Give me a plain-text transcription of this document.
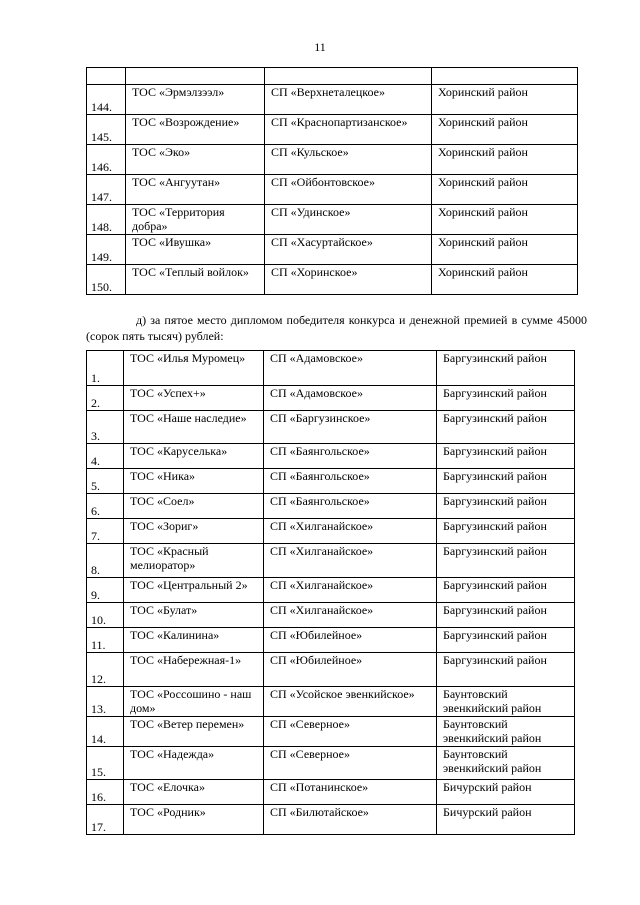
11

144.	ТОС «Эрмэлзээл»	СП «Верхнеталецкое»	Хоринский район
145.	ТОС «Возрождение»	СП «Краснопартизанское»	Хоринский район
146.	ТОС «Эко»	СП «Кульское»	Хоринский район
147.	ТОС «Ангуутан»	СП «Ойбонтовское»	Хоринский район
148.	ТОС «Территория добра»	СП «Удинское»	Хоринский район
149.	ТОС «Ивушка»	СП «Хасуртайское»	Хоринский район
150.	ТОС «Теплый войлок»	СП «Хоринское»	Хоринский район
д) за пятое место дипломом победителя конкурса и денежной премией в сумме 45000 (сорок пять тысяч) рублей:
1.	ТОС «Илья Муромец»	СП «Адамовское»	Баргузинский район
2.	ТОС «Успех+»	СП «Адамовское»	Баргузинский район
3.	ТОС «Наше наследие»	СП «Баргузинское»	Баргузинский район
4.	ТОС «Каруселька»	СП «Баянгольское»	Баргузинский район
5.	ТОС «Ника»	СП «Баянгольское»	Баргузинский район
6.	ТОС «Соел»	СП «Баянгольское»	Баргузинский район
7.	ТОС «Зориг»	СП «Хилганайское»	Баргузинский район
8.	ТОС «Красный мелиоратор»	СП «Хилганайское»	Баргузинский район
9.	ТОС «Центральный 2»	СП «Хилганайское»	Баргузинский район
10.	ТОС «Булат»	СП «Хилганайское»	Баргузинский район
11.	ТОС «Калинина»	СП «Юбилейное»	Баргузинский район
12.	ТОС «Набережная-1»	СП «Юбилейное»	Баргузинский район
13.	ТОС «Россошино - наш дом»	СП «Усойское эвенкийское»	Баунтовский эвенкийский район
14.	ТОС «Ветер перемен»	СП «Северное»	Баунтовский эвенкийский район
15.	ТОС «Надежда»	СП «Северное»	Баунтовский эвенкийский район
16.	ТОС «Елочка»	СП «Потанинское»	Бичурский район
17.	ТОС «Родник»	СП «Билютайское»	Бичурский район
